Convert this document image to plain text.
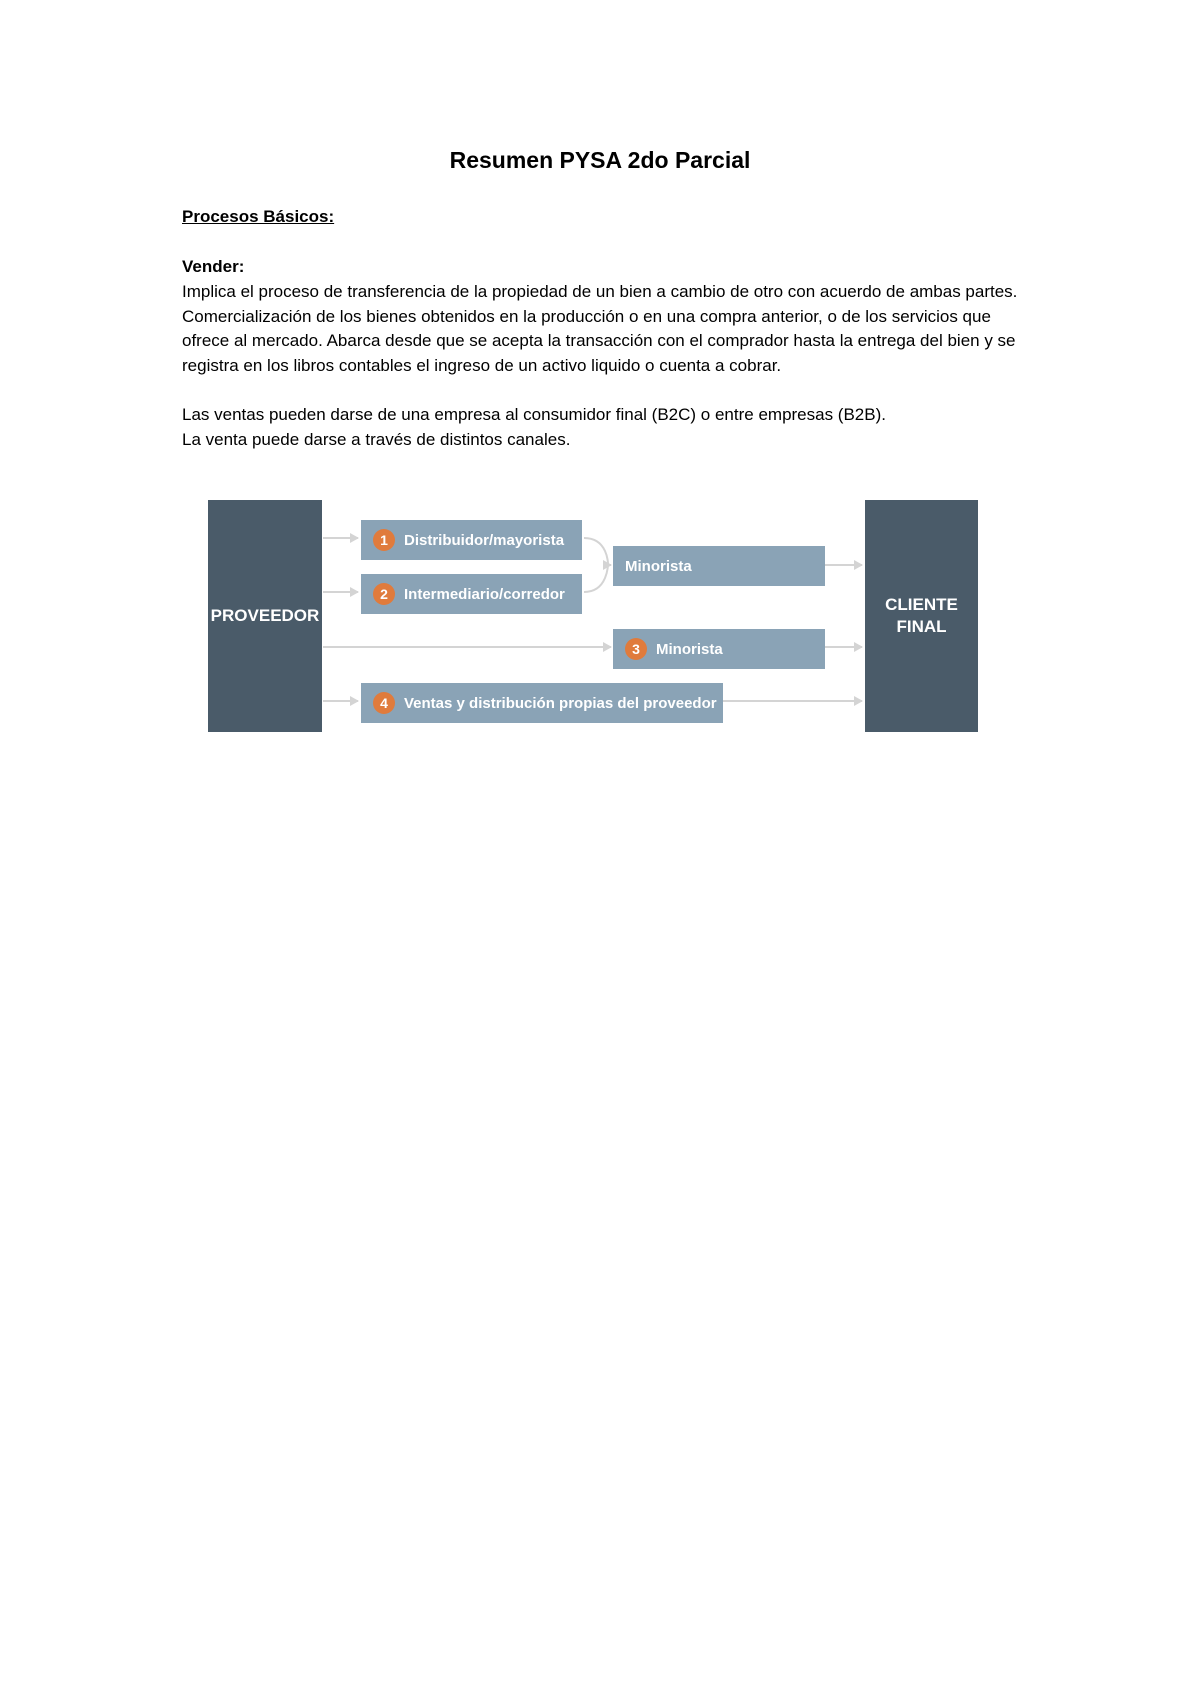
Resumen PYSA 2do Parcial
Procesos Básicos:
Vender:
Implica el proceso de transferencia de la propiedad de un bien a cambio de otro con acuerdo de ambas partes. Comercialización de los bienes obtenidos en la producción o en una compra anterior, o de los servicios que ofrece al mercado. Abarca desde que se acepta la transacción con el comprador hasta la entrega del bien y se registra en los libros contables el ingreso de un activo liquido o cuenta a cobrar.
Las ventas pueden darse de una empresa al consumidor final (B2C) o entre empresas (B2B).
La venta puede darse a través de distintos canales.
PROVEEDOR
1	Distribuidor/mayorista
2	Intermediario/corredor
Minorista
3	Minorista
4	Ventas y distribución propias del proveedor
CLIENTE
FINAL
